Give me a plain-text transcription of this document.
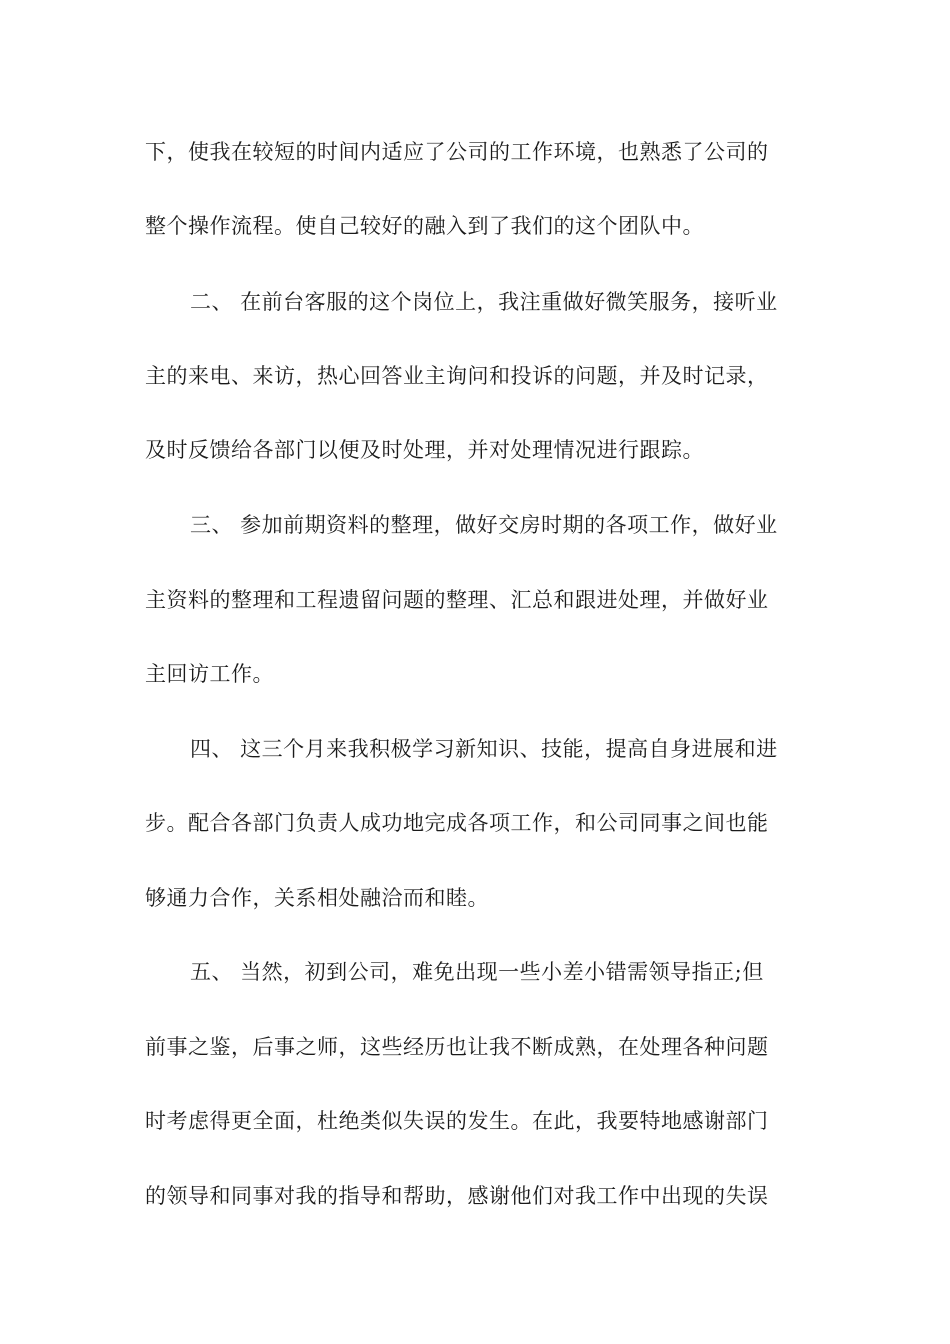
下，使我在较短的时间内适应了公司的工作环境，也熟悉了公司的
整个操作流程。使自己较好的融入到了我们的这个团队中。
二、 在前台客服的这个岗位上，我注重做好微笑服务，接听业
主的来电、来访，热心回答业主询问和投诉的问题，并及时记录，
及时反馈给各部门以便及时处理，并对处理情况进行跟踪。
三、 参加前期资料的整理，做好交房时期的各项工作，做好业
主资料的整理和工程遗留问题的整理、汇总和跟进处理，并做好业
主回访工作。
四、 这三个月来我积极学习新知识、技能，提高自身进展和进
步。配合各部门负责人成功地完成各项工作，和公司同事之间也能
够通力合作，关系相处融洽而和睦。
五、 当然，初到公司，难免出现一些小差小错需领导指正;但
前事之鉴，后事之师，这些经历也让我不断成熟，在处理各种问题
时考虑得更全面，杜绝类似失误的发生。在此，我要特地感谢部门
的领导和同事对我的指导和帮助，感谢他们对我工作中出现的失误
